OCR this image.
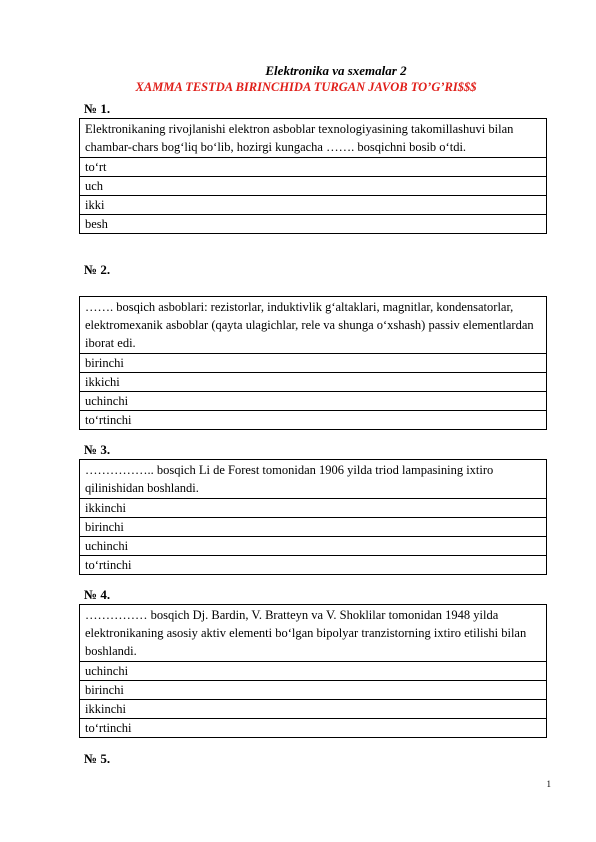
Elektronika va sxemalar 2
XAMMA TESTDA BIRINCHIDA TURGAN JAVOB TO’G’RI$$$
№ 1.
Elektronikaning rivojlanishi elektron asboblar texnologiyasining takomillashuvi bilan chambar-chars bog‘liq bo‘lib, hozirgi kungacha ……. bosqichni bosib o‘tdi.
to‘rt
uch
ikki
besh
№ 2.
……. bosqich asboblari: rezistorlar, induktivlik g‘altaklari, magnitlar, kondensatorlar, elektromexanik asboblar (qayta ulagichlar, rele va shunga o‘xshash) passiv elementlardan iborat edi.
birinchi
ikkichi
uchinchi
to‘rtinchi
№ 3.
…………….. bosqich Li de Forest tomonidan 1906 yilda triod lampasining ixtiro qilinishidan boshlandi.
ikkinchi
birinchi
uchinchi
to‘rtinchi
№ 4.
…………… bosqich Dj. Bardin, V. Bratteyn va V. Shoklilar tomonidan 1948 yilda elektronikaning asosiy aktiv elementi bo‘lgan bipolyar tranzistorning ixtiro etilishi bilan boshlandi.
uchinchi
birinchi
ikkinchi
to‘rtinchi
№ 5.
1
